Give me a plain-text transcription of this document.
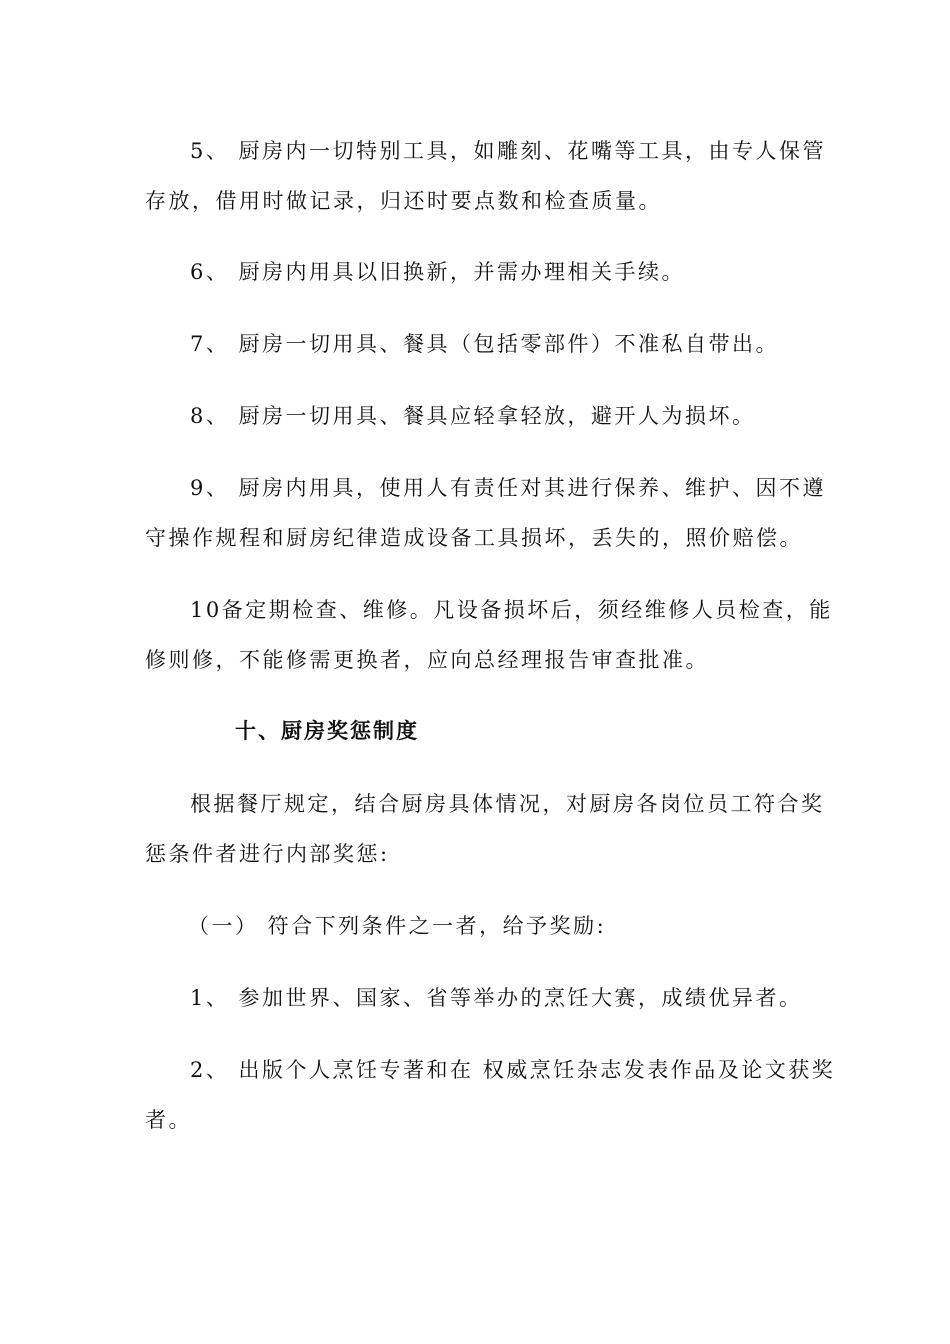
5、 厨房内一切特别工具，如雕刻、花嘴等工具，由专人保管
存放，借用时做记录，归还时要点数和检查质量。
6、 厨房内用具以旧换新，并需办理相关手续。
7、 厨房一切用具、餐具（包括零部件）不准私自带出。
8、 厨房一切用具、餐具应轻拿轻放，避开人为损坏。
9、 厨房内用具，使用人有责任对其进行保养、维护、因不遵
守操作规程和厨房纪律造成设备工具损坏，丢失的，照价赔偿。
10备定期检查、维修。凡设备损坏后，须经维修人员检查，能
修则修，不能修需更换者，应向总经理报告审查批准。
十、厨房奖惩制度
根据餐厅规定，结合厨房具体情况，对厨房各岗位员工符合奖
惩条件者进行内部奖惩:
（一） 符合下列条件之一者，给予奖励:
1、 参加世界、国家、省等举办的烹饪大赛，成绩优异者。
2、 出版个人烹饪专著和在 权威烹饪杂志发表作品及论文获奖
者。
